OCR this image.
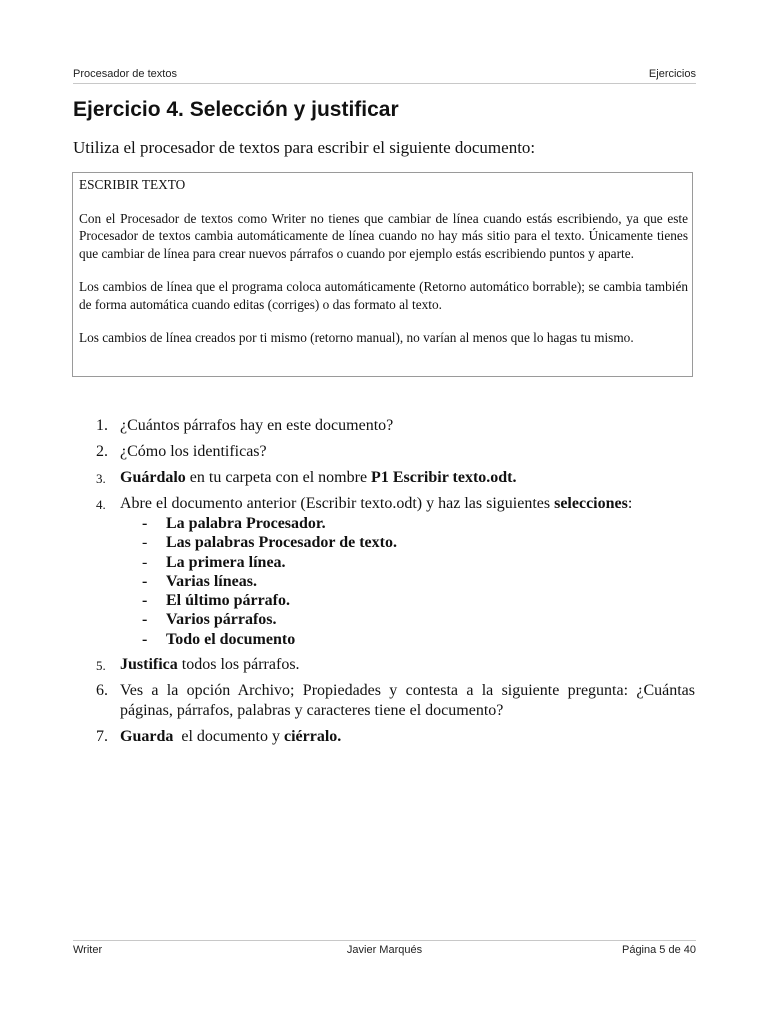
Procesador de textos	Ejercicios
Ejercicio 4. Selección y justificar

Utiliza el procesador de textos para escribir el siguiente documento:

ESCRIBIR TEXTO

Con el Procesador de textos como Writer no tienes que cambiar de línea cuando estás escribiendo, ya que este Procesador de textos cambia automáticamente de línea cuando no hay más sitio para el texto. Únicamente tienes que cambiar de línea para crear nuevos párrafos o cuando por ejemplo estás escribiendo puntos y aparte.

Los cambios de línea que el programa coloca automáticamente (Retorno automático borrable); se cambia también de forma automática cuando editas (corriges) o das formato al texto.

Los cambios de línea creados por ti mismo (retorno manual), no varían al menos que lo hagas tu mismo.

1. ¿Cuántos párrafos hay en este documento?
2. ¿Cómo los identificas?
3. Guárdalo en tu carpeta con el nombre P1 Escribir texto.odt.
4. Abre el documento anterior (Escribir texto.odt) y haz las siguientes selecciones:
- La palabra Procesador.
- Las palabras Procesador de texto.
- La primera línea.
- Varias líneas.
- El último párrafo.
- Varios párrafos.
- Todo el documento
5. Justifica todos los párrafos.
6. Ves a la opción Archivo; Propiedades y contesta a la siguiente pregunta: ¿Cuántas páginas, párrafos, palabras y caracteres tiene el documento?
7. Guarda  el documento y ciérralo.
Writer	Javier Marqués	Página 5 de 40
